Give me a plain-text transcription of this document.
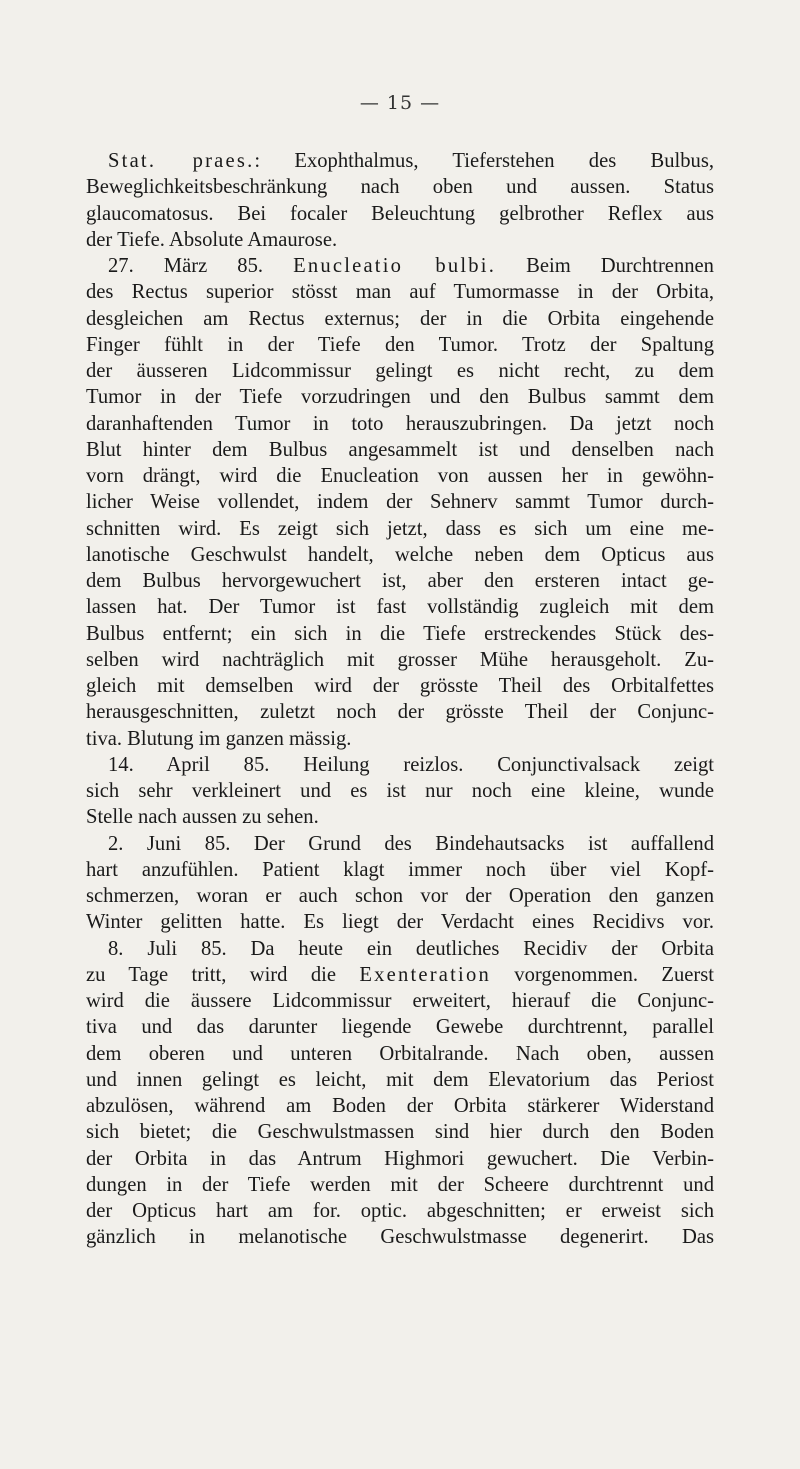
— 15 —
Stat. praes.: Exophthalmus, Tieferstehen des Bulbus,
Beweglichkeitsbeschränkung nach oben und aussen. Status
glaucomatosus. Bei focaler Beleuchtung gelbrother Reflex aus
der Tiefe. Absolute Amaurose.
27. März 85. Enucleatio bulbi. Beim Durchtrennen
des Rectus superior stösst man auf Tumormasse in der Orbita,
desgleichen am Rectus externus; der in die Orbita eingehende
Finger fühlt in der Tiefe den Tumor. Trotz der Spaltung
der äusseren Lidcommissur gelingt es nicht recht, zu dem
Tumor in der Tiefe vorzudringen und den Bulbus sammt dem
daranhaftenden Tumor in toto herauszubringen. Da jetzt noch
Blut hinter dem Bulbus angesammelt ist und denselben nach
vorn drängt, wird die Enucleation von aussen her in gewöhn-
licher Weise vollendet, indem der Sehnerv sammt Tumor durch-
schnitten wird. Es zeigt sich jetzt, dass es sich um eine me-
lanotische Geschwulst handelt, welche neben dem Opticus aus
dem Bulbus hervorgewuchert ist, aber den ersteren intact ge-
lassen hat. Der Tumor ist fast vollständig zugleich mit dem
Bulbus entfernt; ein sich in die Tiefe erstreckendes Stück des-
selben wird nachträglich mit grosser Mühe herausgeholt. Zu-
gleich mit demselben wird der grösste Theil des Orbitalfettes
herausgeschnitten, zuletzt noch der grösste Theil der Conjunc-
tiva. Blutung im ganzen mässig.
14. April 85. Heilung reizlos. Conjunctivalsack zeigt
sich sehr verkleinert und es ist nur noch eine kleine, wunde
Stelle nach aussen zu sehen.
2. Juni 85. Der Grund des Bindehautsacks ist auffallend
hart anzufühlen. Patient klagt immer noch über viel Kopf-
schmerzen, woran er auch schon vor der Operation den ganzen
Winter gelitten hatte. Es liegt der Verdacht eines Recidivs vor.
8. Juli 85. Da heute ein deutliches Recidiv der Orbita
zu Tage tritt, wird die Exenteration vorgenommen. Zuerst
wird die äussere Lidcommissur erweitert, hierauf die Conjunc-
tiva und das darunter liegende Gewebe durchtrennt, parallel
dem oberen und unteren Orbitalrande. Nach oben, aussen
und innen gelingt es leicht, mit dem Elevatorium das Periost
abzulösen, während am Boden der Orbita stärkerer Widerstand
sich bietet; die Geschwulstmassen sind hier durch den Boden
der Orbita in das Antrum Highmori gewuchert. Die Verbin-
dungen in der Tiefe werden mit der Scheere durchtrennt und
der Opticus hart am for. optic. abgeschnitten; er erweist sich
gänzlich in melanotische Geschwulstmasse degenerirt. Das
